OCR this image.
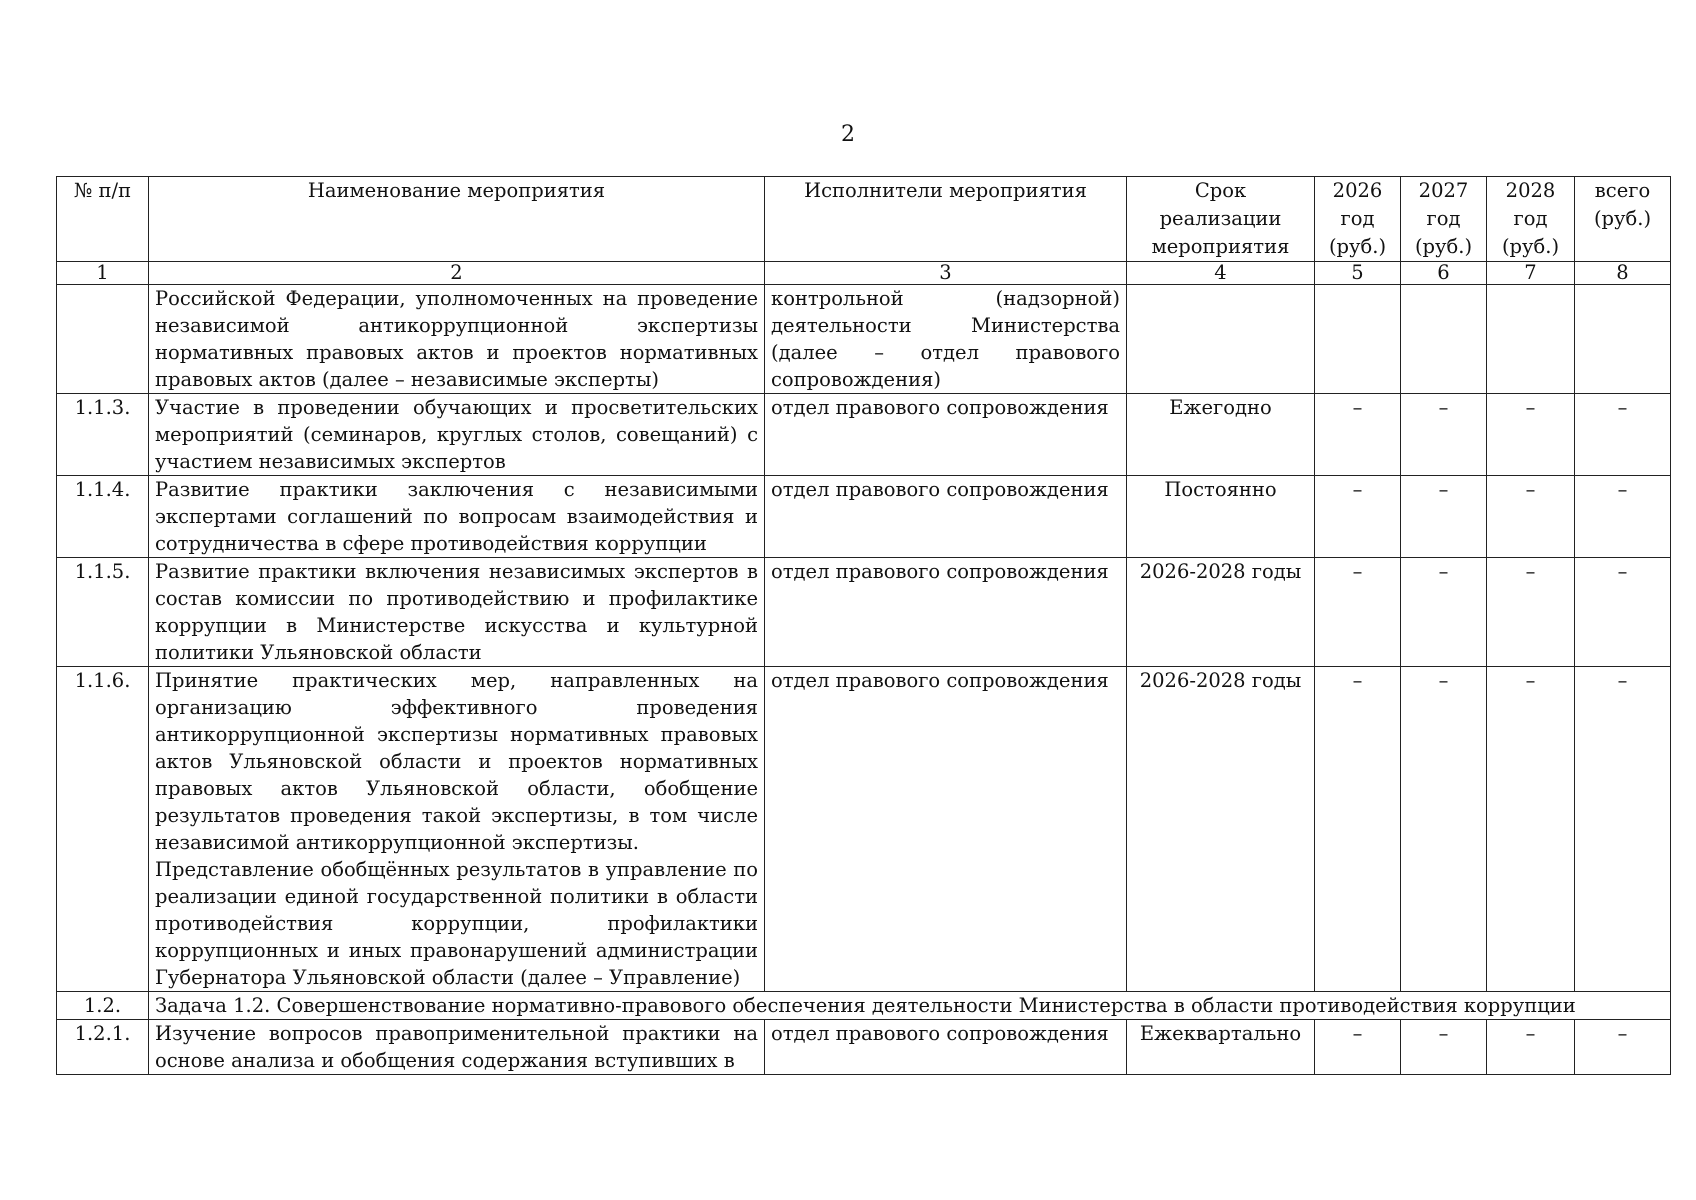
2
№ п/п	Наименование мероприятия	Исполнители мероприятия	Срок реализации мероприятия	2026 год (руб.)	2027 год (руб.)	2028 год (руб.)	всего (руб.)
1	2	3	4	5	6	7	8
	Российской Федерации, уполномоченных на проведение независимой антикоррупционной экспертизы нормативных правовых актов и проектов нормативных правовых актов (далее – независимые эксперты)	контрольной (надзорной) деятельности Министерства (далее – отдел правового сопровождения)					
1.1.3.	Участие в проведении обучающих и просветительских мероприятий (семинаров, круглых столов, совещаний) с участием независимых экспертов	отдел правового сопровождения	Ежегодно	–	–	–	–
1.1.4.	Развитие практики заключения с независимыми экспертами соглашений по вопросам взаимодействия и сотрудничества в сфере противодействия коррупции	отдел правового сопровождения	Постоянно	–	–	–	–
1.1.5.	Развитие практики включения независимых экспертов в состав комиссии по противодействию и профилактике коррупции в Министерстве искусства и культурной политики Ульяновской области	отдел правового сопровождения	2026-2028 годы	–	–	–	–
1.1.6.	Принятие практических мер, направленных на организацию эффективного проведения антикоррупционной экспертизы нормативных правовых актов Ульяновской области и проектов нормативных правовых актов Ульяновской области, обобщение результатов проведения такой экспертизы, в том числе независимой антикоррупционной экспертизы.
Представление обобщённых результатов в управление по реализации единой государственной политики в области противодействия коррупции, профилактики коррупционных и иных правонарушений администрации Губернатора Ульяновской области (далее – Управление)	отдел правового сопровождения	2026-2028 годы	–	–	–	–
1.2.	Задача 1.2. Совершенствование нормативно-правового обеспечения деятельности Министерства в области противодействия коррупции						
1.2.1.	Изучение вопросов правоприменительной практики на основе анализа и обобщения содержания вступивших в	отдел правового сопровождения	Ежеквартально	–	–	–	–
